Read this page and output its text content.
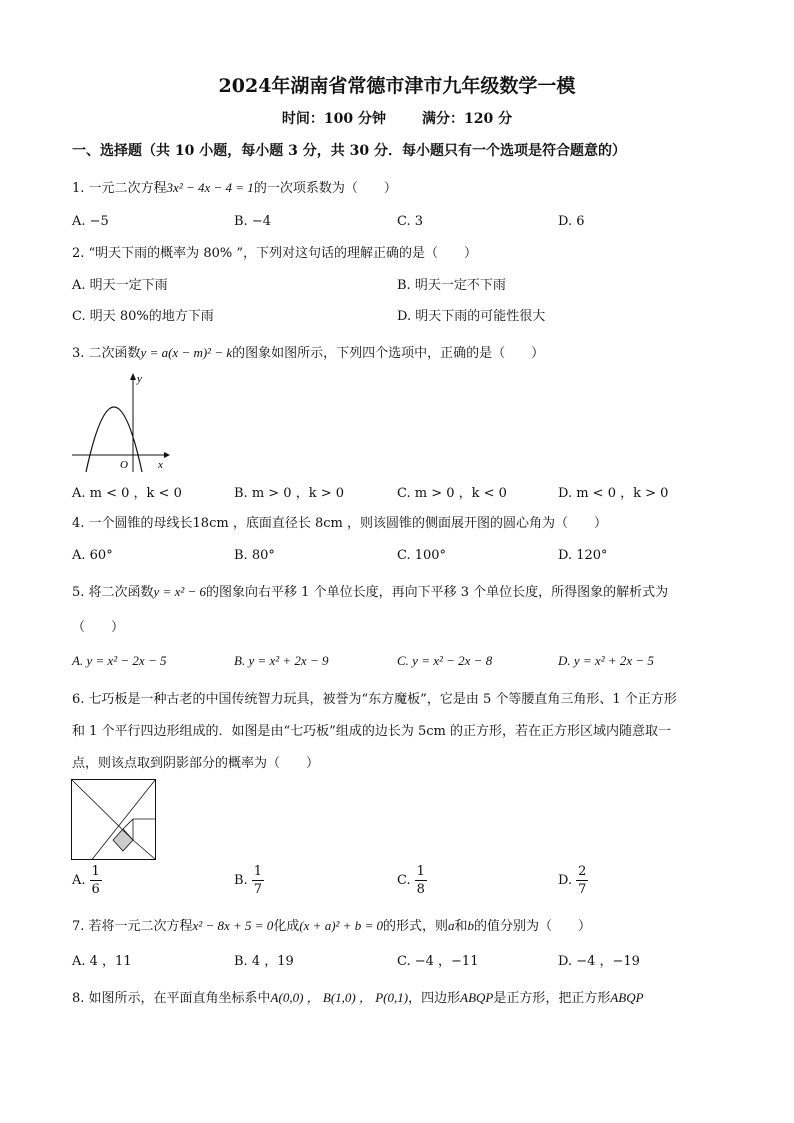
2024年湖南省常德市津市九年级数学一模
时间：100 分钟	满分：120 分
一、选择题（共 10 小题，每小题 3 分，共 30 分．每小题只有一个选项是符合题意的）
1. 一元二次方程3x² − 4x − 4 = 1的一次项系数为（　　）
A. −5	B. −4	C. 3	D. 6
2. “明天下雨的概率为 80% ”，下列对这句话的理解正确的是（　　）
A. 明天一定下雨	B. 明天一定不下雨
C. 明天 80%的地方下雨	D. 明天下雨的可能性很大
3. 二次函数y = a(x − m)² − k的图象如图所示，下列四个选项中，正确的是（　　）
y
x
O
A. m < 0 ，k < 0	B. m > 0 ，k > 0	C. m > 0 ，k < 0	D. m < 0 ，k > 0
4. 一个圆锥的母线长18cm ，底面直径长 8cm ，则该圆锥的侧面展开图的圆心角为（　　）
A. 60°	B. 80°	C. 100°	D. 120°
5. 将二次函数y = x² − 6的图象向右平移 1 个单位长度，再向下平移 3 个单位长度，所得图象的解析式为
（　　）
A. y = x² − 2x − 5	B. y = x² + 2x − 9	C. y = x² − 2x − 8	D. y = x² + 2x − 5
6. 七巧板是一种古老的中国传统智力玩具，被誉为“东方魔板”，它是由 5 个等腰直角三角形、1 个正方形
和 1 个平行四边形组成的．如图是由“七巧板”组成的边长为 5cm 的正方形，若在正方形区域内随意取一
点，则该点取到阴影部分的概率为（　　）
A. $\frac{1}{6}$	B. $\frac{1}{7}$	C. $\frac{1}{8}$	D. $\frac{2}{7}$
7. 若将一元二次方程x² − 8x + 5 = 0化成(x + a)² + b = 0的形式，则a和b的值分别为（　　）
A. 4 ，11	B. 4 ，19	C. −4 ，−11	D. −4 ，−19
8. 如图所示，在平面直角坐标系中A(0,0) ， B(1,0) ， P(0,1)，四边形ABQP是正方形，把正方形ABQP
